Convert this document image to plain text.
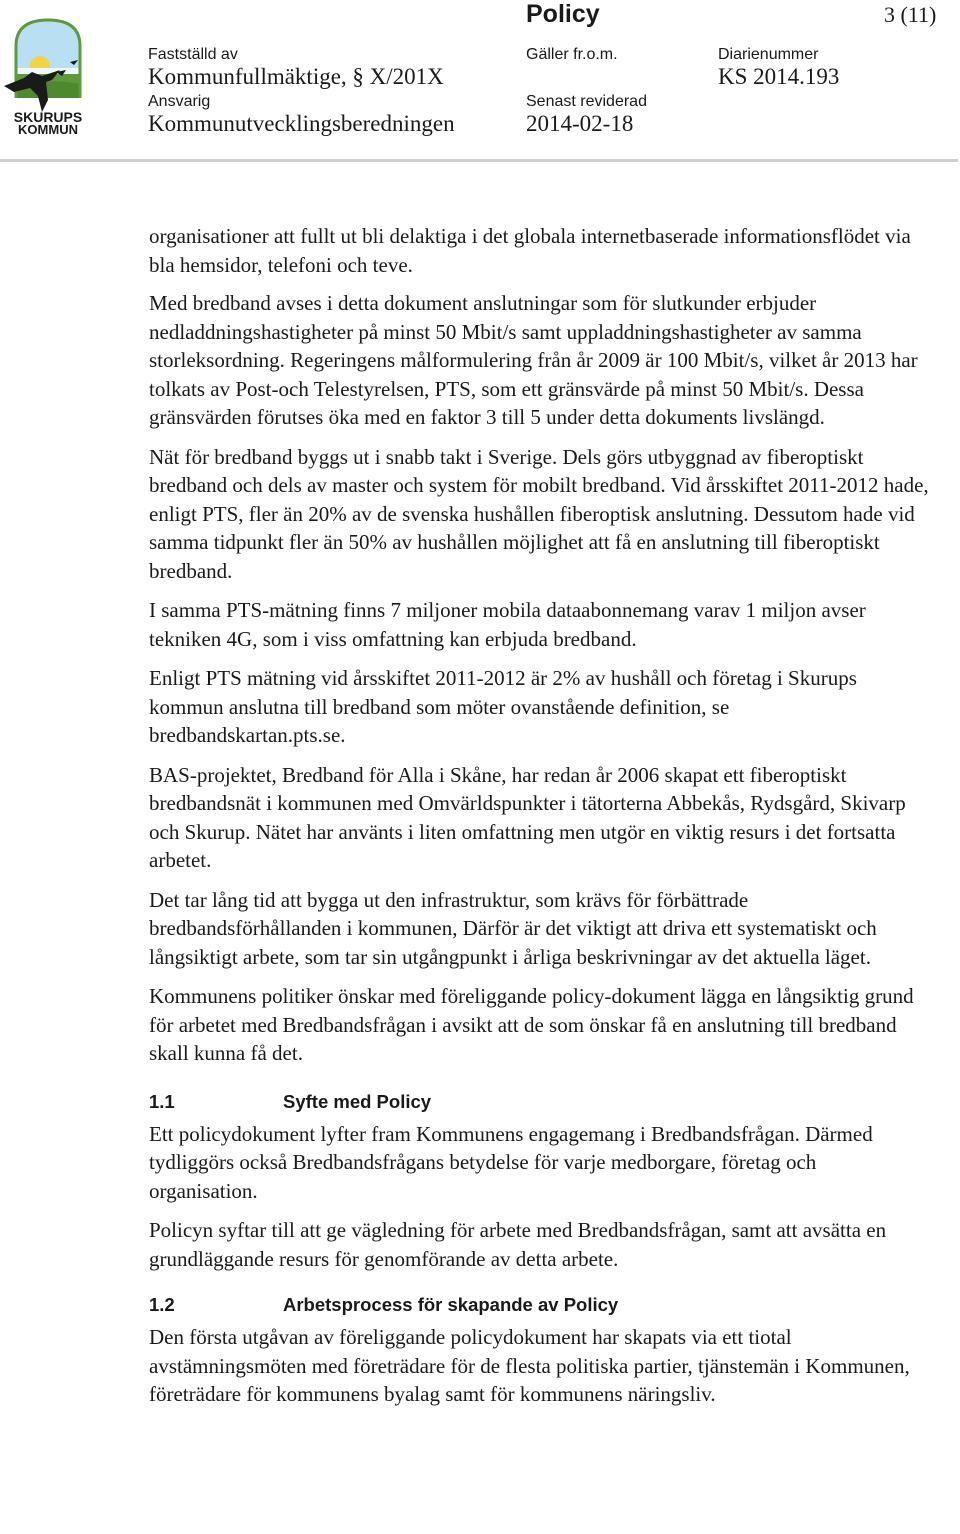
SKURUPS
KOMMUN
Policy	3 (11)
Fastställd av
Kommunfullmäktige, § X/201X
Gäller fr.o.m.	Diarienummer
KS 2014.193
Ansvarig
Kommunutvecklingsberedningen
Senast reviderad
2014-02-18

organisationer att fullt ut bli delaktiga i det globala internetbaserade informationsflödet via bla hemsidor, telefoni och teve.

Med bredband avses i detta dokument anslutningar som för slutkunder erbjuder nedladdningshastigheter på minst 50 Mbit/s samt uppladdningshastigheter av samma storleksordning. Regeringens målformulering från år 2009 är 100 Mbit/s, vilket år 2013 har tolkats av Post-och Telestyrelsen, PTS, som ett gränsvärde på minst 50 Mbit/s. Dessa gränsvärden förutses öka med en faktor 3 till 5 under detta dokuments livslängd.

Nät för bredband byggs ut i snabb takt i Sverige. Dels görs utbyggnad av fiberoptiskt bredband och dels av master och system för mobilt bredband. Vid årsskiftet 2011-2012 hade, enligt PTS, fler än 20% av de svenska hushållen fiberoptisk anslutning. Dessutom hade vid samma tidpunkt fler än 50% av hushållen möjlighet att få en anslutning till fiberoptiskt bredband.

I samma PTS-mätning finns 7 miljoner mobila dataabonnemang varav 1 miljon avser tekniken 4G, som i viss omfattning kan erbjuda bredband.

Enligt PTS mätning vid årsskiftet 2011-2012 är 2% av hushåll och företag i Skurups kommun anslutna till bredband som möter ovanstående definition, se bredbandskartan.pts.se.

BAS-projektet, Bredband för Alla i Skåne, har redan år 2006 skapat ett fiberoptiskt bredbandsnät i kommunen med Omvärldspunkter i tätorterna Abbekås, Rydsgård, Skivarp och Skurup. Nätet har använts i liten omfattning men utgör en viktig resurs i det fortsatta arbetet.

Det tar lång tid att bygga ut den infrastruktur, som krävs för förbättrade bredbandsförhållanden i kommunen, Därför är det viktigt att driva ett systematiskt och långsiktigt arbete, som tar sin utgångpunkt i årliga beskrivningar av det aktuella läget.

Kommunens politiker önskar med föreliggande policy-dokument lägga en långsiktig grund för arbetet med Bredbandsfrågan i avsikt att de som önskar få en anslutning till bredband skall kunna få det.

1.1	Syfte med Policy

Ett policydokument lyfter fram Kommunens engagemang i Bredbandsfrågan. Därmed tydliggörs också Bredbandsfrågans betydelse för varje medborgare, företag och organisation.

Policyn syftar till att ge vägledning för arbete med Bredbandsfrågan, samt att avsätta en grundläggande resurs för genomförande av detta arbete.

1.2	Arbetsprocess för skapande av Policy

Den första utgåvan av föreliggande policydokument har skapats via ett tiotal avstämningsmöten med företrädare för de flesta politiska partier, tjänstemän i Kommunen, företrädare för kommunens byalag samt för kommunens näringsliv.
